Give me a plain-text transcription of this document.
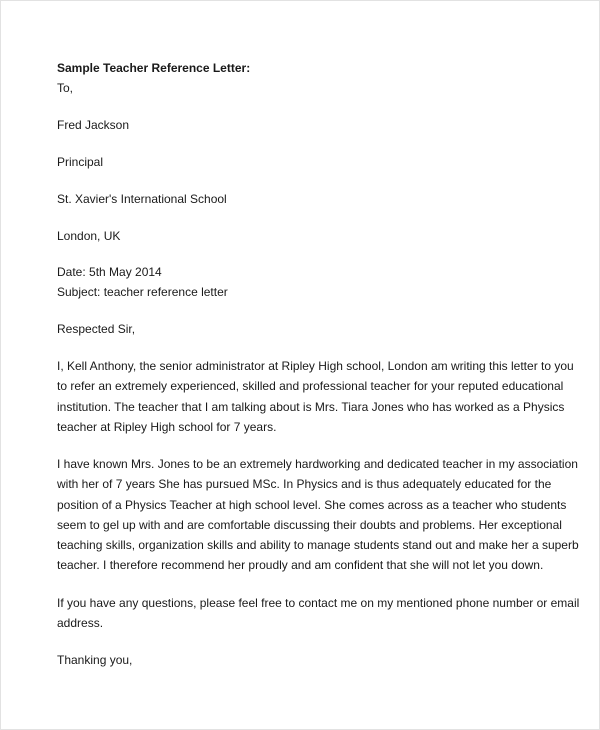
Sample Teacher Reference Letter:
To,
Fred Jackson
Principal
St. Xavier's International School
London, UK
Date: 5th May 2014
Subject: teacher reference letter
Respected Sir,
I, Kell Anthony, the senior administrator at Ripley High school, London am writing this letter to you
to refer an extremely experienced, skilled and professional teacher for your reputed educational
institution. The teacher that I am talking about is Mrs. Tiara Jones who has worked as a Physics
teacher at Ripley High school for 7 years.
I have known Mrs. Jones to be an extremely hardworking and dedicated teacher in my association
with her of 7 years She has pursued MSc. In Physics and is thus adequately educated for the
position of a Physics Teacher at high school level. She comes across as a teacher who students
seem to gel up with and are comfortable discussing their doubts and problems. Her exceptional
teaching skills, organization skills and ability to manage students stand out and make her a superb
teacher. I therefore recommend her proudly and am confident that she will not let you down.
If you have any questions, please feel free to contact me on my mentioned phone number or email
address.
Thanking you,
